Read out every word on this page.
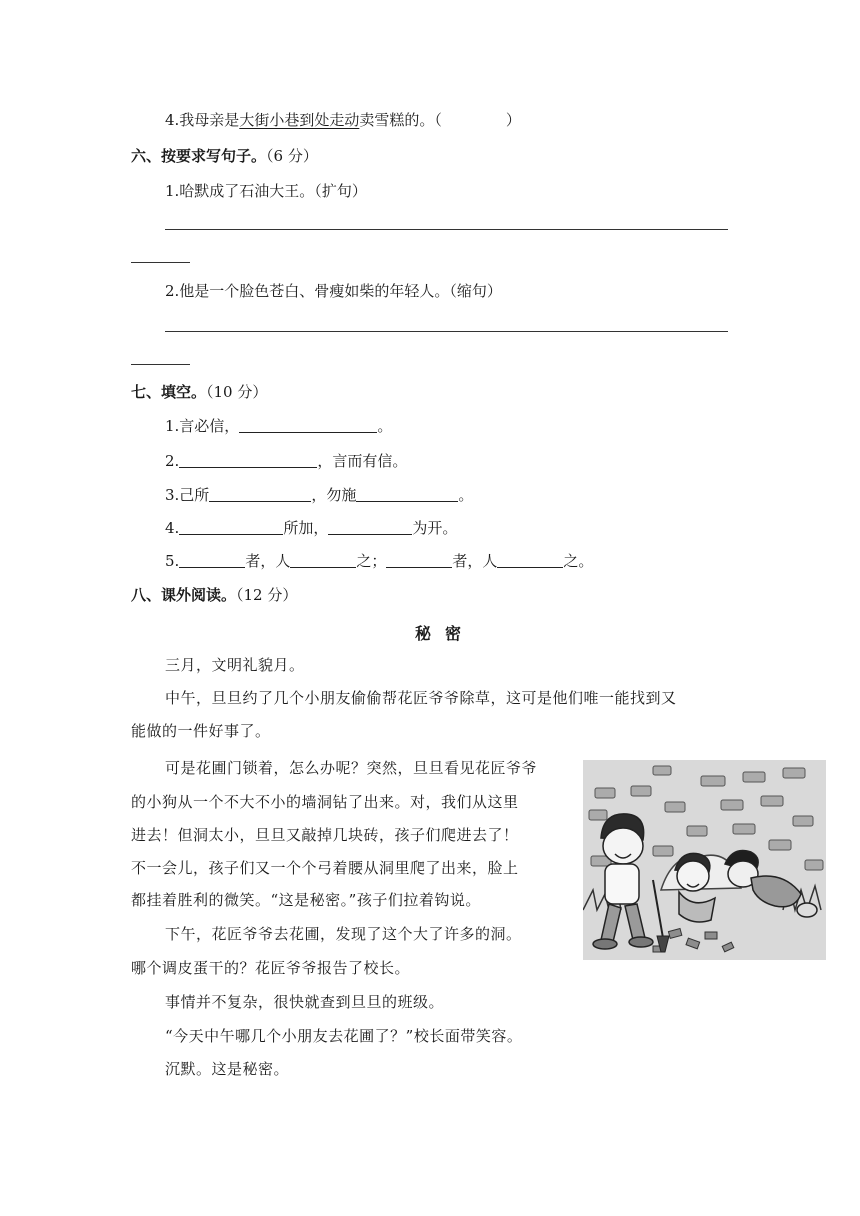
4.我母亲是大街小巷到处走动卖雪糕的。（	）
六、按要求写句子。（6 分）
1.哈默成了石油大王。（扩句）
2.他是一个脸色苍白、骨瘦如柴的年轻人。（缩句）
七、填空。（10 分）
1.言必信，	。
2.	，言而有信。
3.己所	，勿施	。
4.	所加，	为开。
5.	者，人	之；	者，人	之。
八、课外阅读。（12 分）
秘密
三月，文明礼貌月。
中午，旦旦约了几个小朋友偷偷帮花匠爷爷除草，这可是他们唯一能找到又
能做的一件好事了。
可是花圃门锁着，怎么办呢？突然，旦旦看见花匠爷爷
的小狗从一个不大不小的墙洞钻了出来。对，我们从这里
进去！但洞太小，旦旦又敲掉几块砖，孩子们爬进去了！
不一会儿，孩子们又一个个弓着腰从洞里爬了出来，脸上
都挂着胜利的微笑。“这是秘密。”孩子们拉着钩说。
下午，花匠爷爷去花圃，发现了这个大了许多的洞。
哪个调皮蛋干的？花匠爷爷报告了校长。
事情并不复杂，很快就查到旦旦的班级。
“今天中午哪几个小朋友去花圃了？”校长面带笑容。
沉默。这是秘密。
